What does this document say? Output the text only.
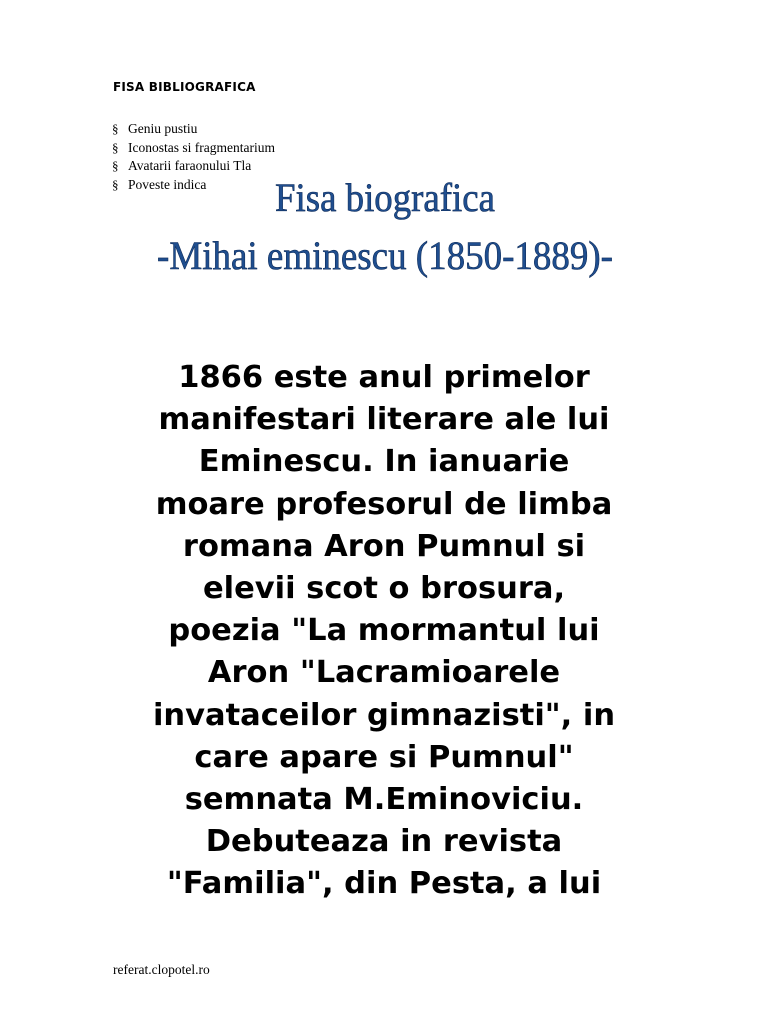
FISA BIBLIOGRAFICA
§ Geniu pustiu
§ Iconostas si fragmentarium
§ Avatarii faraonului Tla
§ Poveste indica Fisa biografica
-Mihai eminescu (1850-1889)-
1866 este anul primelor
manifestari literare ale lui
Eminescu. In ianuarie
moare profesorul de limba
romana Aron Pumnul si
elevii scot o brosura,
poezia "La mormantul lui
Aron "Lacramioarele
invataceilor gimnazisti", in
care apare si Pumnul"
semnata M.Eminoviciu.
Debuteaza in revista
"Familia", din Pesta, a lui
referat.clopotel.ro
